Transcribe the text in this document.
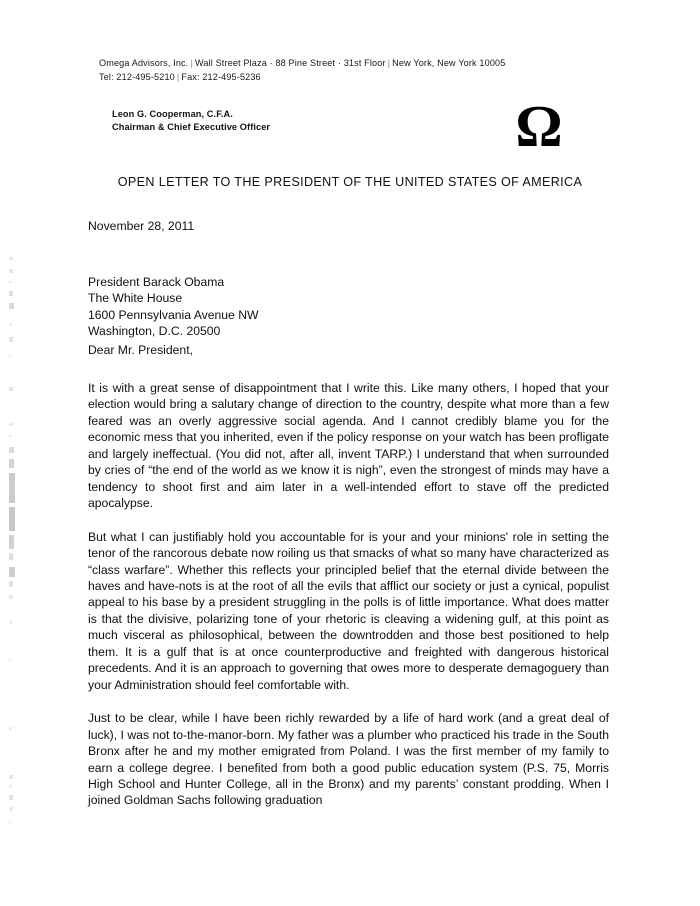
Omega Advisors, Inc. | Wall Street Plaza · 88 Pine Street · 31st Floor | New York, New York 10005
Tel: 212-495-5210 | Fax: 212-495-5236
Leon G. Cooperman, C.F.A.
Chairman & Chief Executive Officer	Ω
OPEN LETTER TO THE PRESIDENT OF THE UNITED STATES OF AMERICA
November 28, 2011
President Barack Obama
The White House
1600 Pennsylvania Avenue NW
Washington, D.C. 20500
Dear Mr. President,

It is with a great sense of disappointment that I write this. Like many others, I hoped that your election would bring a salutary change of direction to the country, despite what more than a few feared was an overly aggressive social agenda. And I cannot credibly blame you for the economic mess that you inherited, even if the policy response on your watch has been profligate and largely ineffectual. (You did not, after all, invent TARP.) I understand that when surrounded by cries of “the end of the world as we know it is nigh”, even the strongest of minds may have a tendency to shoot first and aim later in a well-intended effort to stave off the predicted apocalypse.

But what I can justifiably hold you accountable for is your and your minions' role in setting the tenor of the rancorous debate now roiling us that smacks of what so many have characterized as “class warfare”. Whether this reflects your principled belief that the eternal divide between the haves and have-nots is at the root of all the evils that afflict our society or just a cynical, populist appeal to his base by a president struggling in the polls is of little importance. What does matter is that the divisive, polarizing tone of your rhetoric is cleaving a widening gulf, at this point as much visceral as philosophical, between the downtrodden and those best positioned to help them. It is a gulf that is at once counterproductive and freighted with dangerous historical precedents. And it is an approach to governing that owes more to desperate demagoguery than your Administration should feel comfortable with.

Just to be clear, while I have been richly rewarded by a life of hard work (and a great deal of luck), I was not to-the-manor-born. My father was a plumber who practiced his trade in the South Bronx after he and my mother emigrated from Poland. I was the first member of my family to earn a college degree. I benefited from both a good public education system (P.S. 75, Morris High School and Hunter College, all in the Bronx) and my parents’ constant prodding. When I joined Goldman Sachs following graduation
